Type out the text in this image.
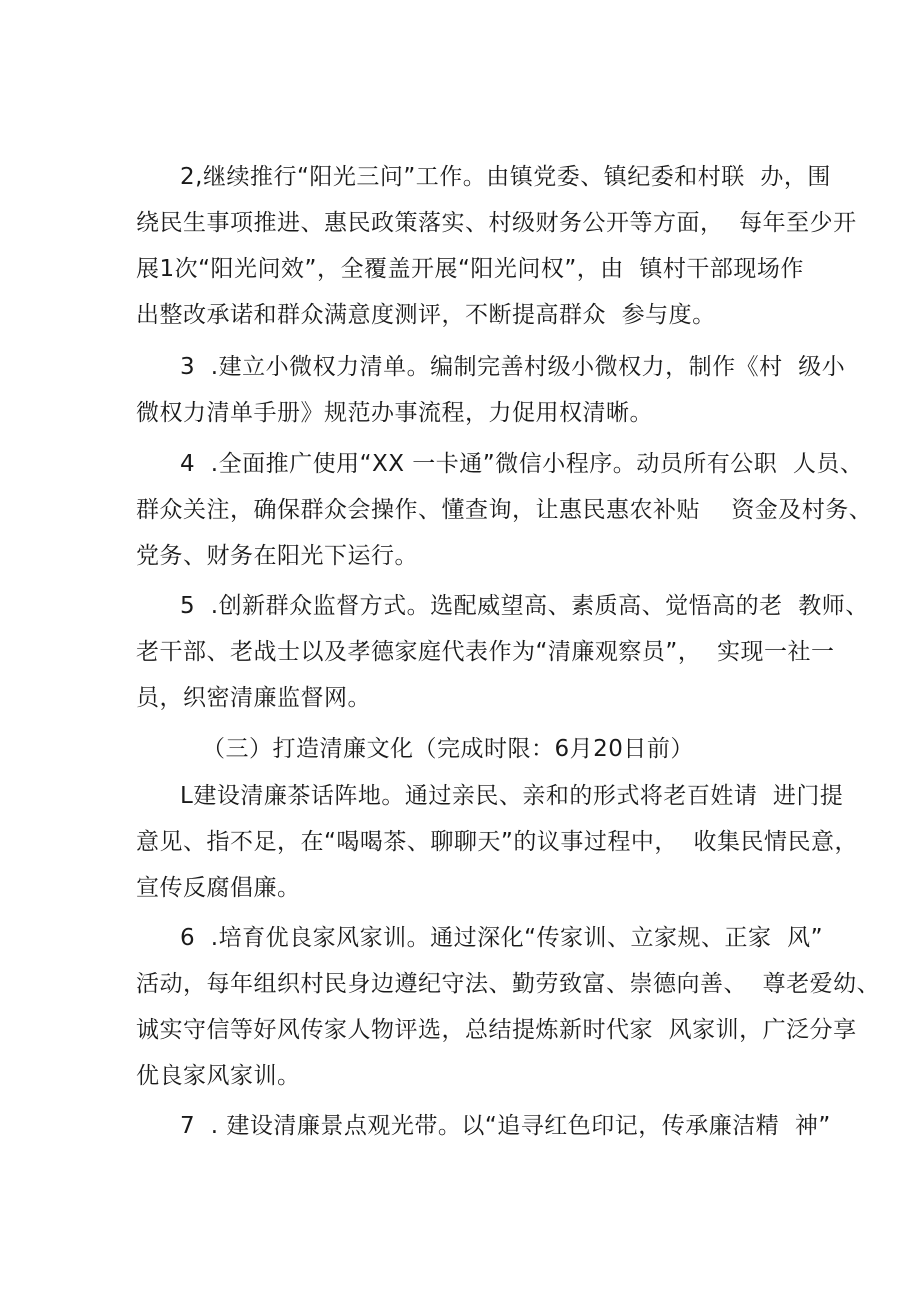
2,继续推行“阳光三问”工作。由镇党委、镇纪委和村联  办，围
绕民生事项推进、惠民政策落实、村级财务公开等方面，  每年至少开
展1次“阳光问效”，全覆盖开展“阳光问权”，由  镇村干部现场作
出整改承诺和群众满意度测评，不断提高群众  参与度。
3  .建立小微权力清单。编制完善村级小微权力，制作《村  级小
微权力清单手册》规范办事流程，力促用权清晰。
4  .全面推广使用“XX 一卡通”微信小程序。动员所有公职  人员、
群众关注，确保群众会操作、懂查询，让惠民惠农补贴    资金及村务、
党务、财务在阳光下运行。
5  .创新群众监督方式。选配威望高、素质高、觉悟高的老  教师、
老干部、老战士以及孝德家庭代表作为“清廉观察员”，  实现一社一
员，织密清廉监督网。
（三）打造清廉文化（完成时限：6月20日前）
L建设清廉茶话阵地。通过亲民、亲和的形式将老百姓请  进门提
意见、指不足，在“喝喝茶、聊聊天”的议事过程中，  收集民情民意，
宣传反腐倡廉。
6  .培育优良家风家训。通过深化“传家训、立家规、正家  风”
活动，每年组织村民身边遵纪守法、勤劳致富、崇德向善、  尊老爱幼、
诚实守信等好风传家人物评选，总结提炼新时代家  风家训，广泛分享
优良家风家训。
7  . 建设清廉景点观光带。以“追寻红色印记，传承廉洁精  神”
